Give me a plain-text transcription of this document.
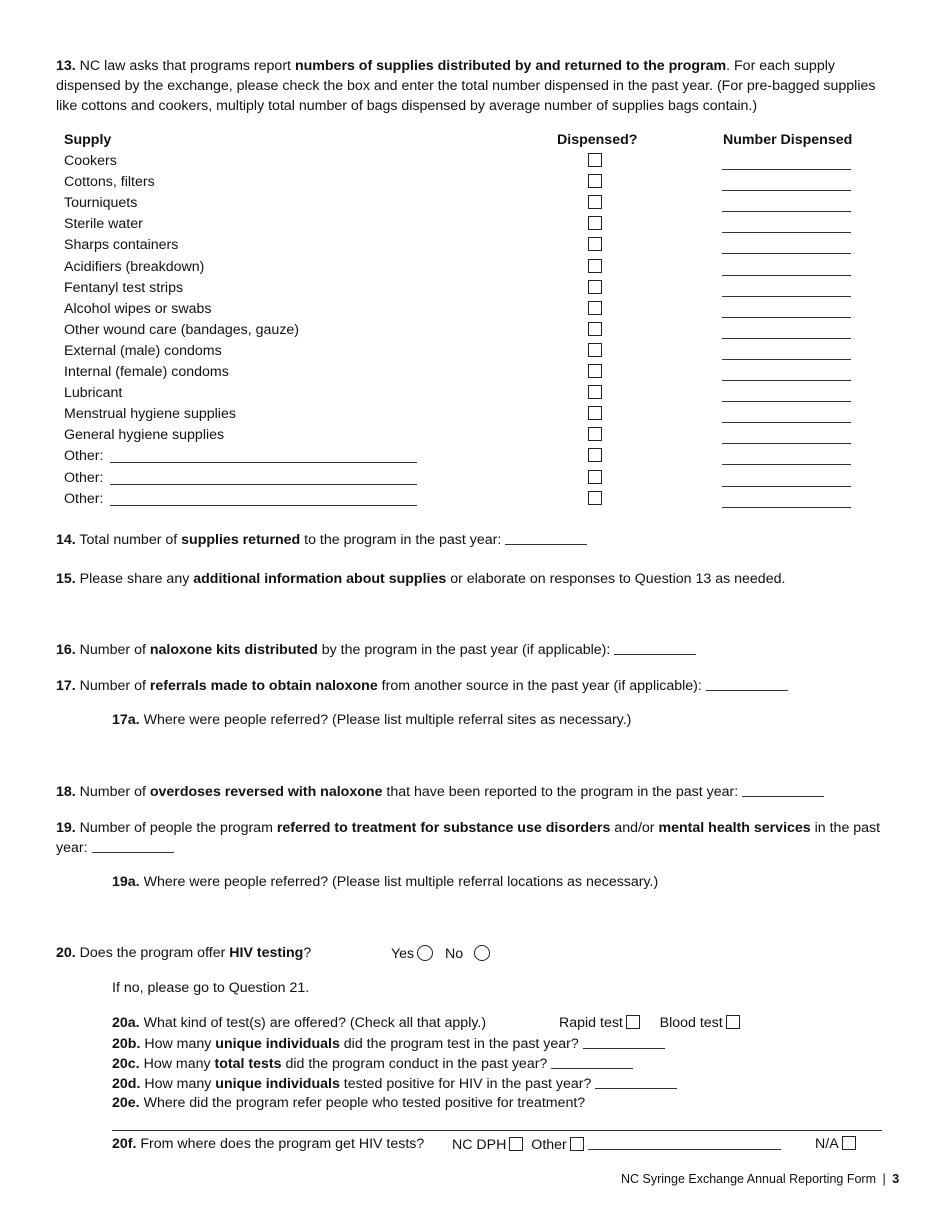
13. NC law asks that programs report numbers of supplies distributed by and returned to the program. For each supply dispensed by the exchange, please check the box and enter the total number dispensed in the past year. (For pre-bagged supplies like cottons and cookers, multiply total number of bags dispensed by average number of supplies bags contain.)
Supply	Dispensed?	Number Dispensed
Cookers
Cottons, filters
Tourniquets
Sterile water
Sharps containers
Acidifiers (breakdown)
Fentanyl test strips
Alcohol wipes or swabs
Other wound care (bandages, gauze)
External (male) condoms
Internal (female) condoms
Lubricant
Menstrual hygiene supplies
General hygiene supplies
Other:
Other:
Other:
14. Total number of supplies returned to the program in the past year:
15. Please share any additional information about supplies or elaborate on responses to Question 13 as needed.
16. Number of naloxone kits distributed by the program in the past year (if applicable):
17. Number of referrals made to obtain naloxone from another source in the past year (if applicable):
17a. Where were people referred? (Please list multiple referral sites as necessary.)
18. Number of overdoses reversed with naloxone that have been reported to the program in the past year:
19. Number of people the program referred to treatment for substance use disorders and/or mental health services in the past year:
19a. Where were people referred? (Please list multiple referral locations as necessary.)
20. Does the program offer HIV testing?	Yes No
If no, please go to Question 21.
20a. What kind of test(s) are offered? (Check all that apply.)	Rapid test	Blood test
20b. How many unique individuals did the program test in the past year?
20c. How many total tests did the program conduct in the past year?
20d. How many unique individuals tested positive for HIV in the past year?
20e. Where did the program refer people who tested positive for treatment?
20f. From where does the program get HIV tests? NC DPH Other	N/A
NC Syringe Exchange Annual Reporting Form | 3
